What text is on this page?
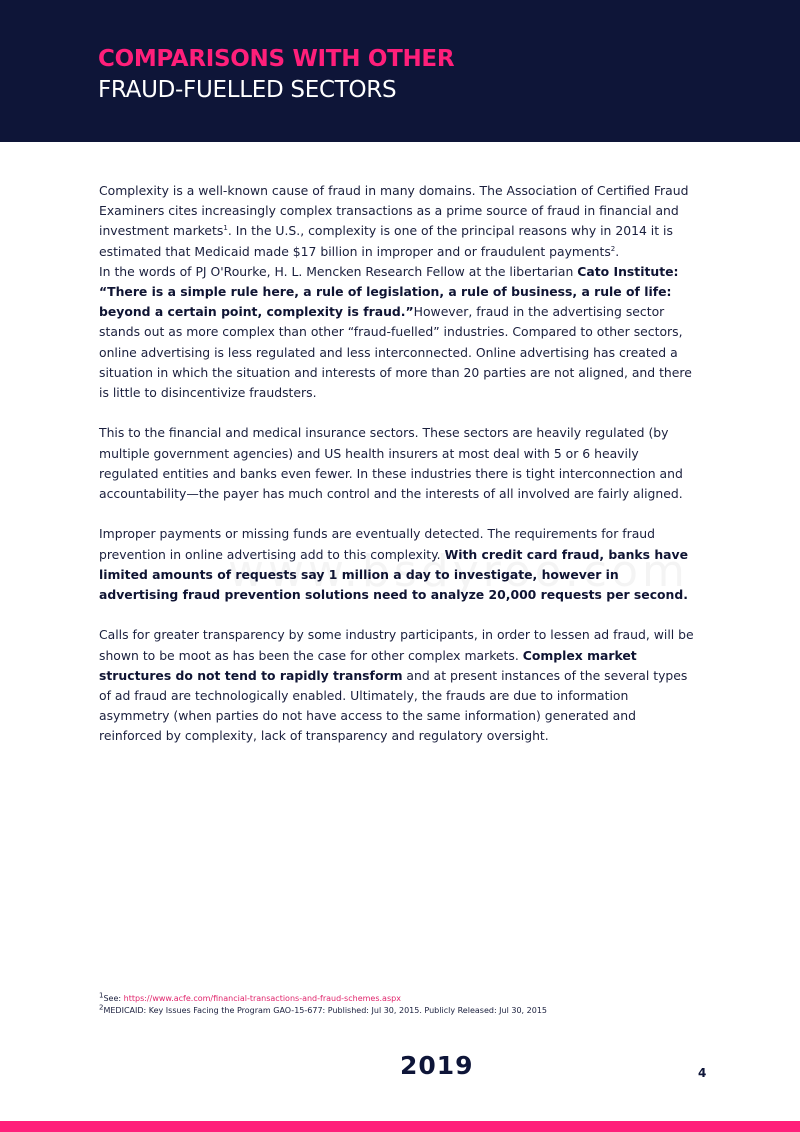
COMPARISONS WITH OTHER
FRAUD-FUELLED SECTORS

Complexity is a well-known cause of fraud in many domains. The Association of Certified Fraud Examiners cites increasingly complex transactions as a prime source of fraud in financial and investment markets$^1$. In the U.S., complexity is one of the principal reasons why in 2014 it is estimated that Medicaid made $17 billion in improper and or fraudulent payments$^2$.

In the words of PJ O'Rourke, H. L. Mencken Research Fellow at the libertarian Cato Institute: “There is a simple rule here, a rule of legislation, a rule of business, a rule of life: beyond a certain point, complexity is fraud.”However, fraud in the advertising sector stands out as more complex than other “fraud-fuelled” industries. Compared to other sectors, online advertising is less regulated and less interconnected. Online advertising has created a situation in which the situation and interests of more than 20 parties are not aligned, and there is little to disincentivize fraudsters.

This to the financial and medical insurance sectors. These sectors are heavily regulated (by multiple government agencies) and US health insurers at most deal with 5 or 6 heavily regulated entities and banks even fewer. In these industries there is tight interconnection and accountability—the payer has much control and the interests of all involved are fairly aligned.

Improper payments or missing funds are eventually detected. The requirements for fraud prevention in online advertising add to this complexity. With credit card fraud, banks have limited amounts of requests say 1 million a day to investigate, however in advertising fraud prevention solutions need to analyze 20,000 requests per second.

Calls for greater transparency by some industry participants, in order to lessen ad fraud, will be shown to be moot as has been the case for other complex markets. Complex market structures do not tend to rapidly transform and at present instances of the several types of ad fraud are technologically enabled. Ultimately, the frauds are due to information asymmetry (when parties do not have access to the same information) generated and reinforced by complexity, lack of transparency and regulatory oversight.

$^1$See: https://www.acfe.com/financial-transactions-and-fraud-schemes.aspx
$^2$MEDICAID: Key Issues Facing the Program GAO-15-677: Published: Jul 30, 2015. Publicly Released: Jul 30, 2015
2019	4
